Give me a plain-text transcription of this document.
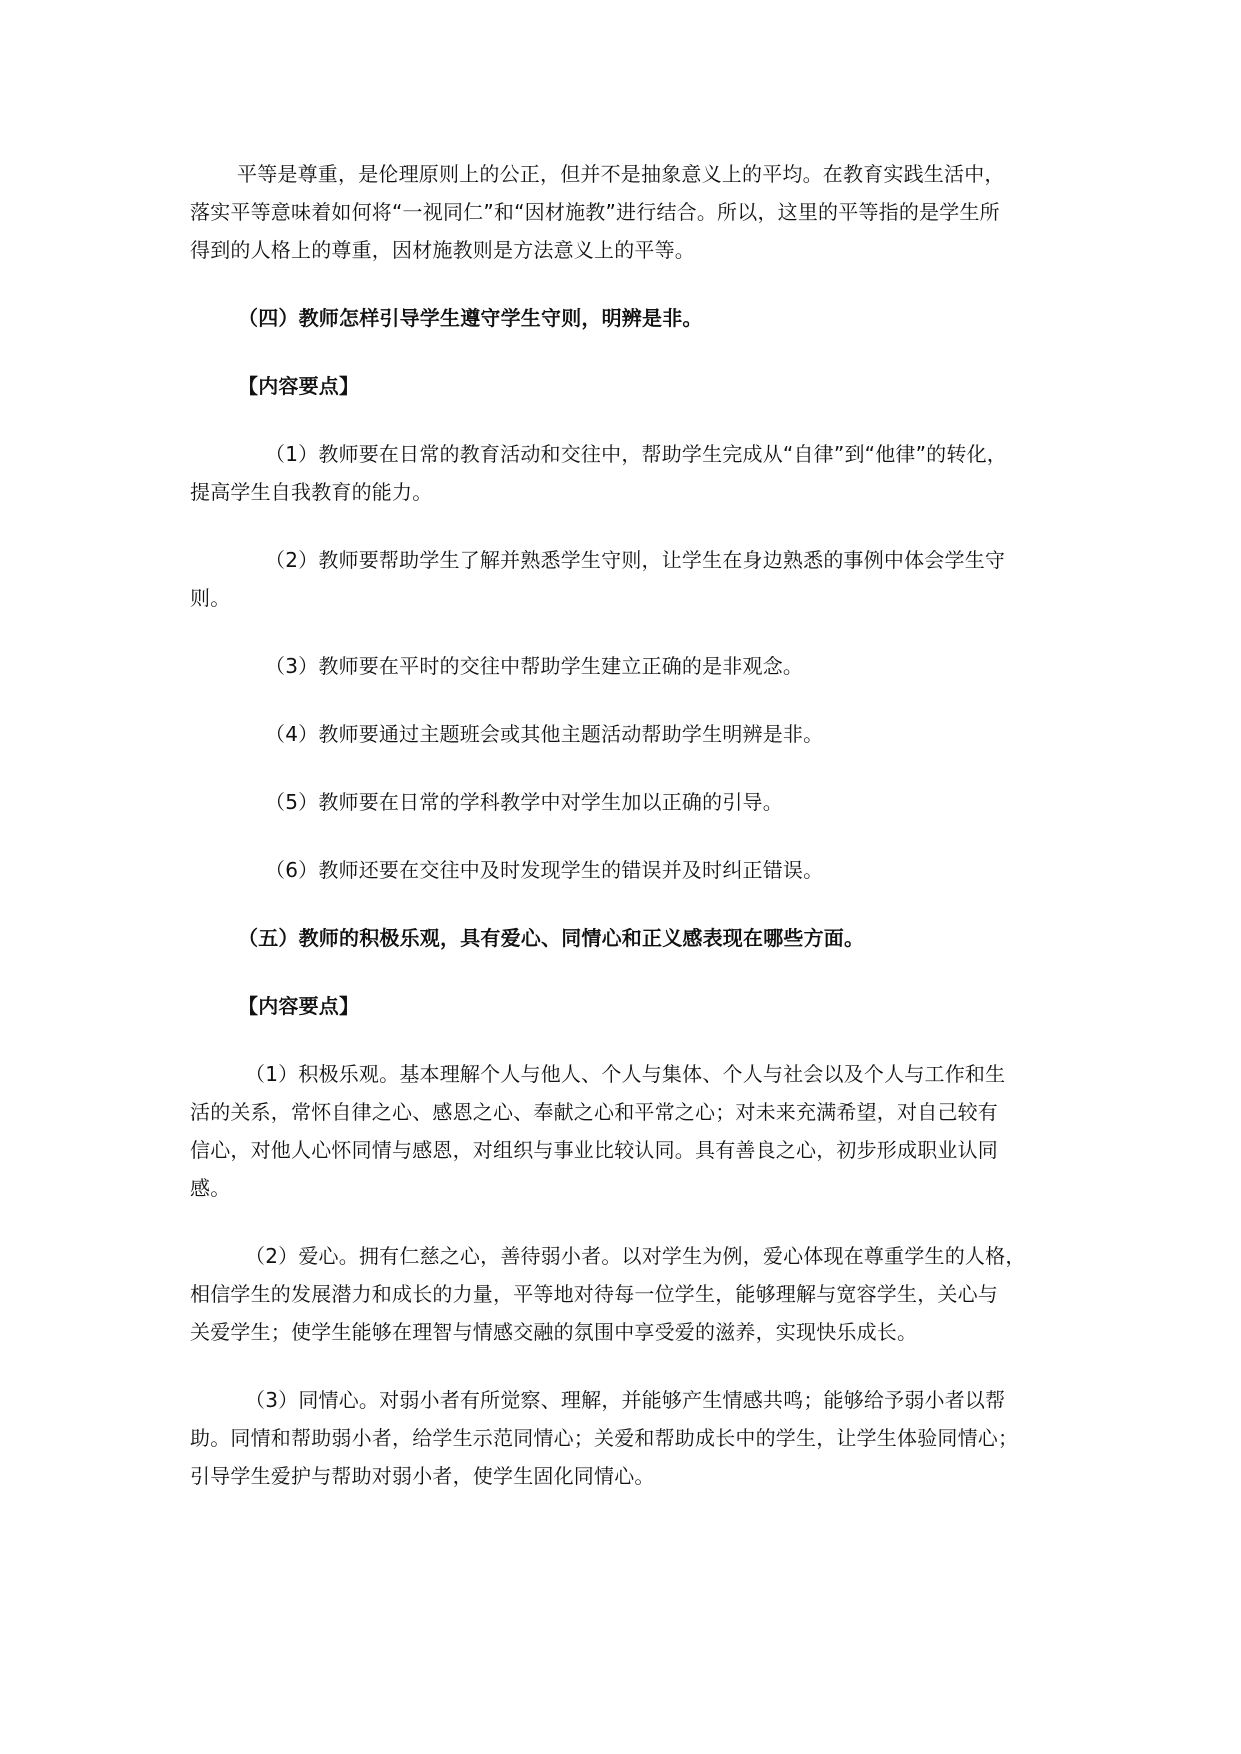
平等是尊重，是伦理原则上的公正，但并不是抽象意义上的平均。在教育实践生活中，
落实平等意味着如何将“一视同仁”和“因材施教”进行结合。所以，这里的平等指的是学生所
得到的人格上的尊重，因材施教则是方法意义上的平等。
（四）教师怎样引导学生遵守学生守则，明辨是非。
【内容要点】
（1）教师要在日常的教育活动和交往中，帮助学生完成从“自律”到“他律”的转化，
提高学生自我教育的能力。
（2）教师要帮助学生了解并熟悉学生守则，让学生在身边熟悉的事例中体会学生守
则。
（3）教师要在平时的交往中帮助学生建立正确的是非观念。
（4）教师要通过主题班会或其他主题活动帮助学生明辨是非。
（5）教师要在日常的学科教学中对学生加以正确的引导。
（6）教师还要在交往中及时发现学生的错误并及时纠正错误。
（五）教师的积极乐观，具有爱心、同情心和正义感表现在哪些方面。
【内容要点】
（1）积极乐观。基本理解个人与他人、个人与集体、个人与社会以及个人与工作和生
活的关系，常怀自律之心、感恩之心、奉献之心和平常之心；对未来充满希望，对自己较有
信心，对他人心怀同情与感恩，对组织与事业比较认同。具有善良之心，初步形成职业认同
感。
（2）爱心。拥有仁慈之心，善待弱小者。以对学生为例，爱心体现在尊重学生的人格，
相信学生的发展潜力和成长的力量，平等地对待每一位学生，能够理解与宽容学生，关心与
关爱学生；使学生能够在理智与情感交融的氛围中享受爱的滋养，实现快乐成长。
（3）同情心。对弱小者有所觉察、理解，并能够产生情感共鸣；能够给予弱小者以帮
助。同情和帮助弱小者，给学生示范同情心；关爱和帮助成长中的学生，让学生体验同情心；
引导学生爱护与帮助对弱小者，使学生固化同情心。
